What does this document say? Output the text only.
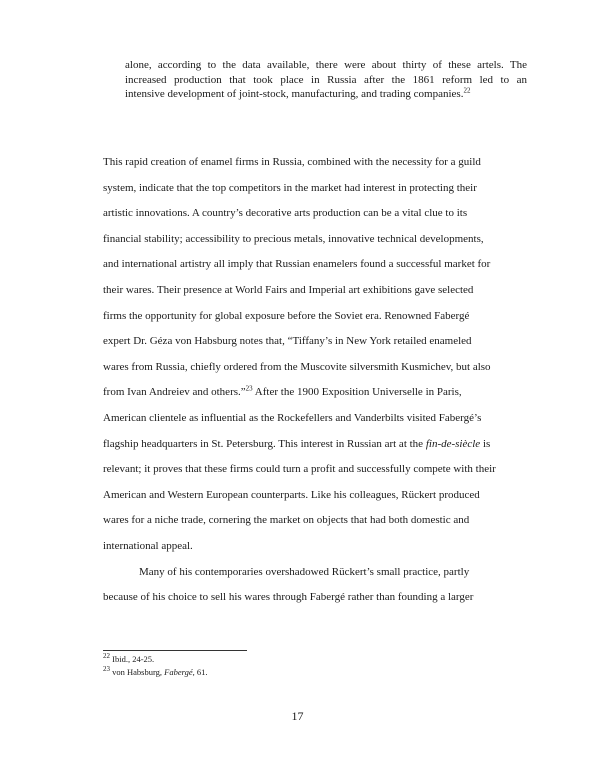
alone, according to the data available, there were about thirty of these artels. The
increased production that took place in Russia after the 1861 reform led to an
intensive development of joint-stock, manufacturing, and trading companies.$^{22}$
This rapid creation of enamel firms in Russia, combined with the necessity for a guild
system, indicate that the top competitors in the market had interest in protecting their
artistic innovations. A country’s decorative arts production can be a vital clue to its
financial stability; accessibility to precious metals, innovative technical developments,
and international artistry all imply that Russian enamelers found a successful market for
their wares. Their presence at World Fairs and Imperial art exhibitions gave selected
firms the opportunity for global exposure before the Soviet era. Renowned Fabergé
expert Dr. Géza von Habsburg notes that, “Tiffany’s in New York retailed enameled
wares from Russia, chiefly ordered from the Muscovite silversmith Kusmichev, but also
from Ivan Andreiev and others.”$^{23}$ After the 1900 Exposition Universelle in Paris,
American clientele as influential as the Rockefellers and Vanderbilts visited Fabergé’s
flagship headquarters in St. Petersburg. This interest in Russian art at the fin-de-siècle is
relevant; it proves that these firms could turn a profit and successfully compete with their
American and Western European counterparts. Like his colleagues, Rückert produced
wares for a niche trade, cornering the market on objects that had both domestic and
international appeal.
Many of his contemporaries overshadowed Rückert’s small practice, partly
because of his choice to sell his wares through Fabergé rather than founding a larger
$^{22}$ Ibid., 24-25.
$^{23}$ von Habsburg, Fabergé, 61.
17
